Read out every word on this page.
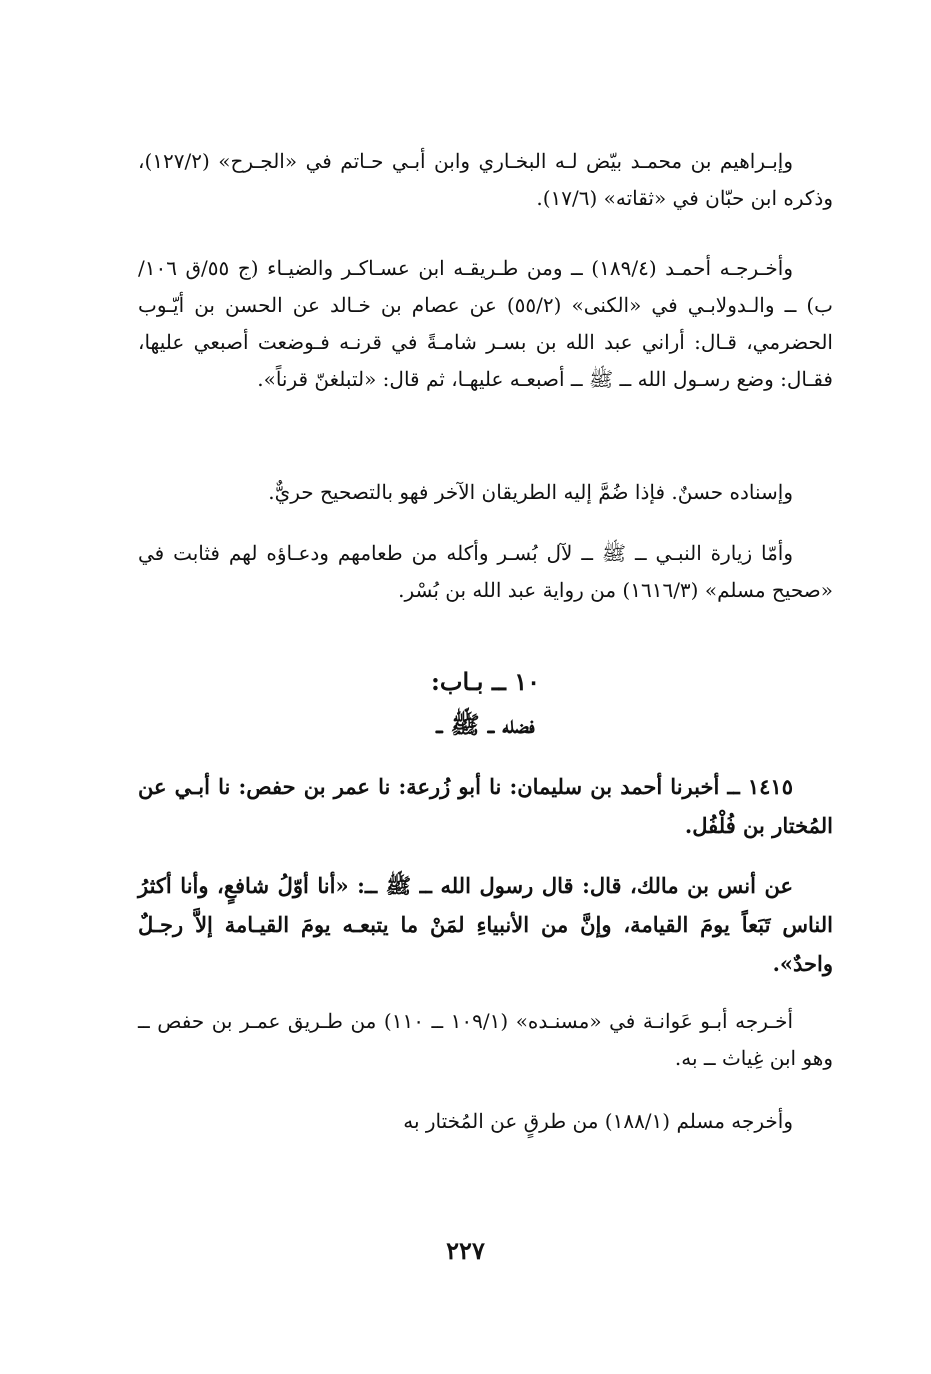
وإبـراهيم بن محمـد بيّض لـه البخـاري وابن أبـي حـاتم في «الجـرح» (١٢٧/٢)، وذكره ابن حبّان في «ثقاته» (١٧/٦).

وأخـرجـه أحمـد (١٨٩/٤) ــ ومن طـريقـه ابن عسـاكـر والضيـاء (ج ٥٥/ق ١٠٦/ب) ــ والـدولابـي في «الكنى» (٥٥/٢) عن عصام بن خـالد عن الحسن بن أيّـوب الحضرمي، قـال: أراني عبد الله بن بسـر شامـةً في قرنـه فـوضعت أصبعي عليها، فقـال: وضع رسـول الله ــ ﷺ ــ أصبعـه عليهـا، ثم قال: «لتبلغنّ قرناً».

وإسناده حسنٌ. فإذا ضُمَّ إليه الطريقان الآخر فهو بالتصحيح حريٌّ.

وأمّا زيارة النبـي ــ ﷺ ــ لآل بُسـر وأكله من طعامهم ودعـاؤه لهم فثابت في «صحيح مسلم» (١٦١٦/٣) من رواية عبد الله بن بُسْر.

١٠ ــ بـاب:

فضله ــ ﷺ ــ

١٤١٥ ــ أخبرنا أحمد بن سليمان: نا أبو زُرعة: نا عمر بن حفص: نا أبـي عن المُختار بن فُلْفُل.

عن أنس بن مالك، قال: قال رسول الله ــ ﷺ ــ: «أنا أوّلُ شافعٍ، وأنا أكثرُ الناس تَبَعاً يومَ القيامة، وإنَّ من الأنبياءِ لمَنْ ما يتبعـه يومَ القيـامة إلاَّ رجـلٌ واحدٌ».

أخـرجه أبـو عَوانـة في «مسنـده» (١٠٩/١ ــ ١١٠) من طـريق عمـر بن حفص ــ وهو ابن غِياث ــ به.

وأخرجه مسلم (١٨٨/١) من طرقٍ عن المُختار به

٢٢٧
